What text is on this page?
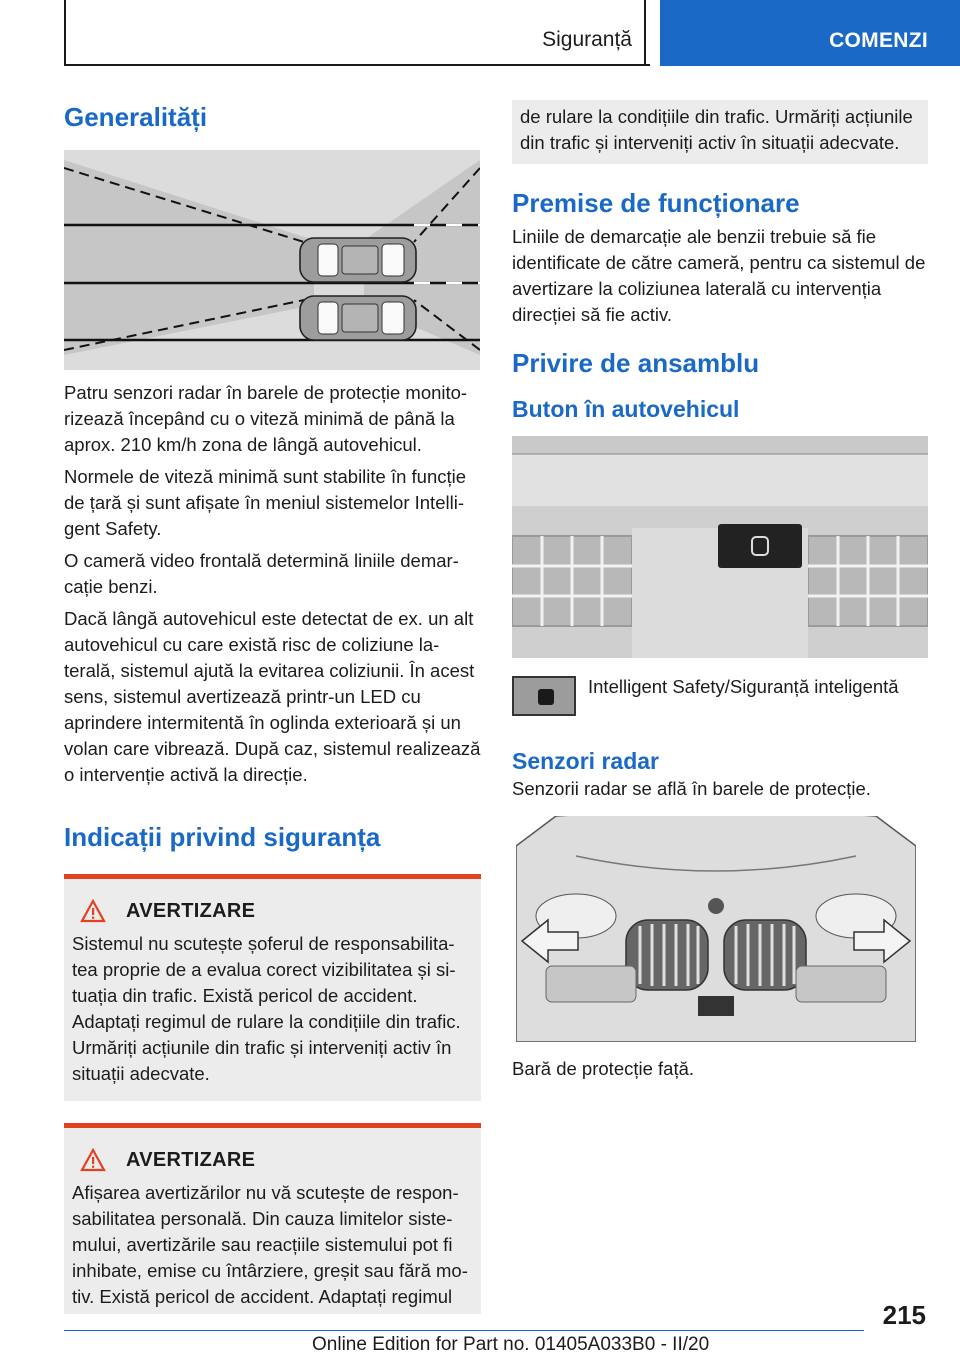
Siguranță	COMENZI
Generalități

Patru senzori radar în barele de protecție monito-rizează începând cu o viteză minimă de până la aprox. 210 km/h zona de lângă autovehicul.

Normele de viteză minimă sunt stabilite în funcție de țară și sunt afișate în meniul sistemelor Intelli-gent Safety.

O cameră video frontală determină liniile demar-cație benzi.

Dacă lângă autovehicul este detectat de ex. un alt autovehicul cu care există risc de coliziune la-terală, sistemul ajută la evitarea coliziunii. În acest sens, sistemul avertizează printr-un LED cu aprindere intermitentă în oglinda exterioară și un volan care vibrează. După caz, sistemul realizează o intervenție activă la direcție.

Indicații privind siguranța
AVERTIZARE

Sistemul nu scutește șoferul de responsabilita-tea proprie de a evalua corect vizibilitatea și si-tuația din trafic. Există pericol de accident. Adaptați regimul de rulare la condițiile din trafic. Urmăriți acțiunile din trafic și interveniți activ în situații adecvate.

AVERTIZARE

Afișarea avertizărilor nu vă scutește de respon-sabilitatea personală. Din cauza limitelor siste-mului, avertizările sau reacțiile sistemului pot fi inhibate, emise cu întârziere, greșit sau fără mo-tiv. Există pericol de accident. Adaptați regimul

de rulare la condițiile din trafic. Urmăriți acțiunile din trafic și interveniți activ în situații adecvate.

Premise de funcționare

Liniile de demarcație ale benzii trebuie să fie identificate de către cameră, pentru ca sistemul de avertizare la coliziunea laterală cu intervenția direcției să fie activ.

Privire de ansamblu
Buton în autovehicul

Intelligent Safety/Siguranță inteligentă

Senzori radar

Senzorii radar se află în barele de protecție.

Bară de protecție față.

215
Online Edition for Part no. 01405A033B0 - II/20
